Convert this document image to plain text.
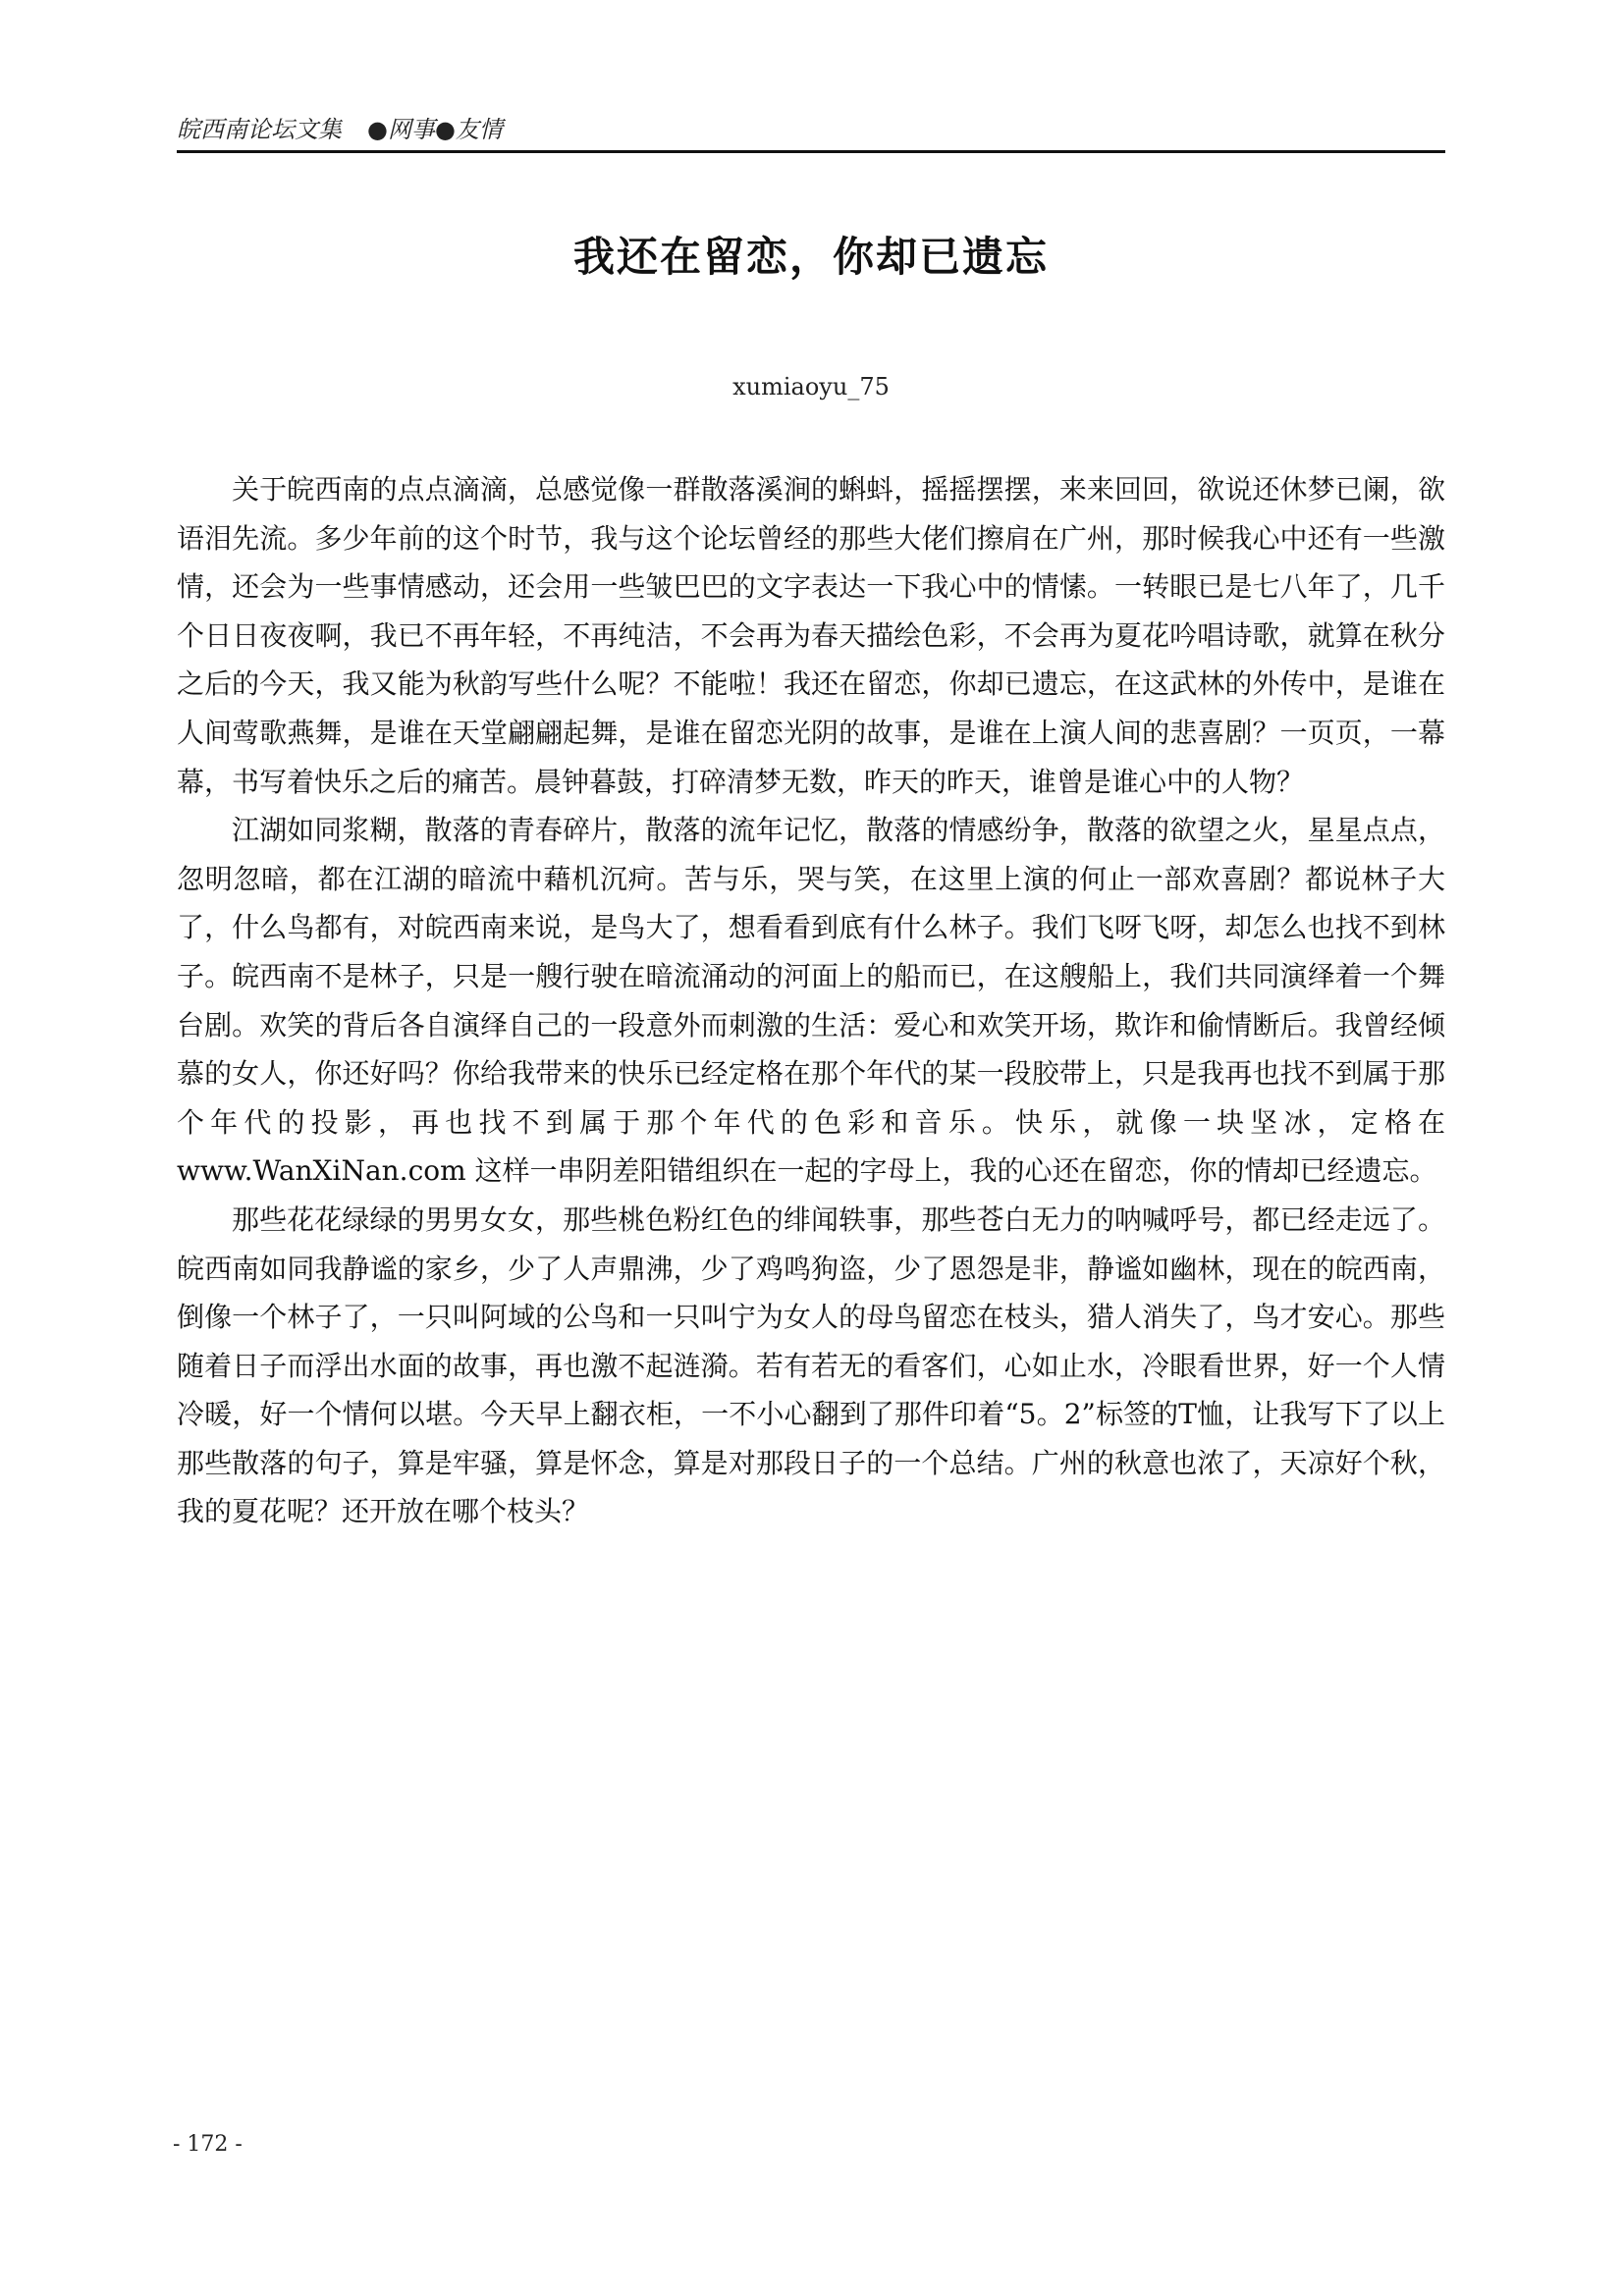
皖西南论坛文集 ●网事●友情
我还在留恋，你却已遗忘
xumiaoyu_75

关于皖西南的点点滴滴，总感觉像一群散落溪涧的蝌蚪，摇摇摆摆，来来回回，欲说还休梦已阑，欲语泪先流。多少年前的这个时节，我与这个论坛曾经的那些大佬们擦肩在广州，那时候我心中还有一些激情，还会为一些事情感动，还会用一些皱巴巴的文字表达一下我心中的情愫。一转眼已是七八年了，几千个日日夜夜啊，我已不再年轻，不再纯洁，不会再为春天描绘色彩，不会再为夏花吟唱诗歌，就算在秋分之后的今天，我又能为秋韵写些什么呢？不能啦！我还在留恋，你却已遗忘，在这武林的外传中，是谁在人间莺歌燕舞，是谁在天堂翩翩起舞，是谁在留恋光阴的故事，是谁在上演人间的悲喜剧？一页页，一幕幕，书写着快乐之后的痛苦。晨钟暮鼓，打碎清梦无数，昨天的昨天，谁曾是谁心中的人物？

江湖如同浆糊，散落的青春碎片，散落的流年记忆，散落的情感纷争，散落的欲望之火，星星点点，忽明忽暗，都在江湖的暗流中藉机沉疴。苦与乐，哭与笑，在这里上演的何止一部欢喜剧？都说林子大了，什么鸟都有，对皖西南来说，是鸟大了，想看看到底有什么林子。我们飞呀飞呀，却怎么也找不到林子。皖西南不是林子，只是一艘行驶在暗流涌动的河面上的船而已，在这艘船上，我们共同演绎着一个舞台剧。欢笑的背后各自演绎自己的一段意外而刺激的生活：爱心和欢笑开场，欺诈和偷情断后。我曾经倾慕的女人，你还好吗？你给我带来的快乐已经定格在那个年代的某一段胶带上，只是我再也找不到属于那个年代的投影，再也找不到属于那个年代的色彩和音乐。快乐，就像一块坚冰，定格在 www.WanXiNan.com 这样一串阴差阳错组织在一起的字母上，我的心还在留恋，你的情却已经遗忘。

那些花花绿绿的男男女女，那些桃色粉红色的绯闻轶事，那些苍白无力的呐喊呼号，都已经走远了。皖西南如同我静谧的家乡，少了人声鼎沸，少了鸡鸣狗盗，少了恩怨是非，静谧如幽林，现在的皖西南，倒像一个林子了，一只叫阿域的公鸟和一只叫宁为女人的母鸟留恋在枝头，猎人消失了，鸟才安心。那些随着日子而浮出水面的故事，再也激不起涟漪。若有若无的看客们，心如止水，冷眼看世界，好一个人情冷暖，好一个情何以堪。今天早上翻衣柜，一不小心翻到了那件印着“5。2”标签的T恤，让我写下了以上那些散落的句子，算是牢骚，算是怀念，算是对那段日子的一个总结。广州的秋意也浓了，天凉好个秋，我的夏花呢？还开放在哪个枝头？

- 172 -
